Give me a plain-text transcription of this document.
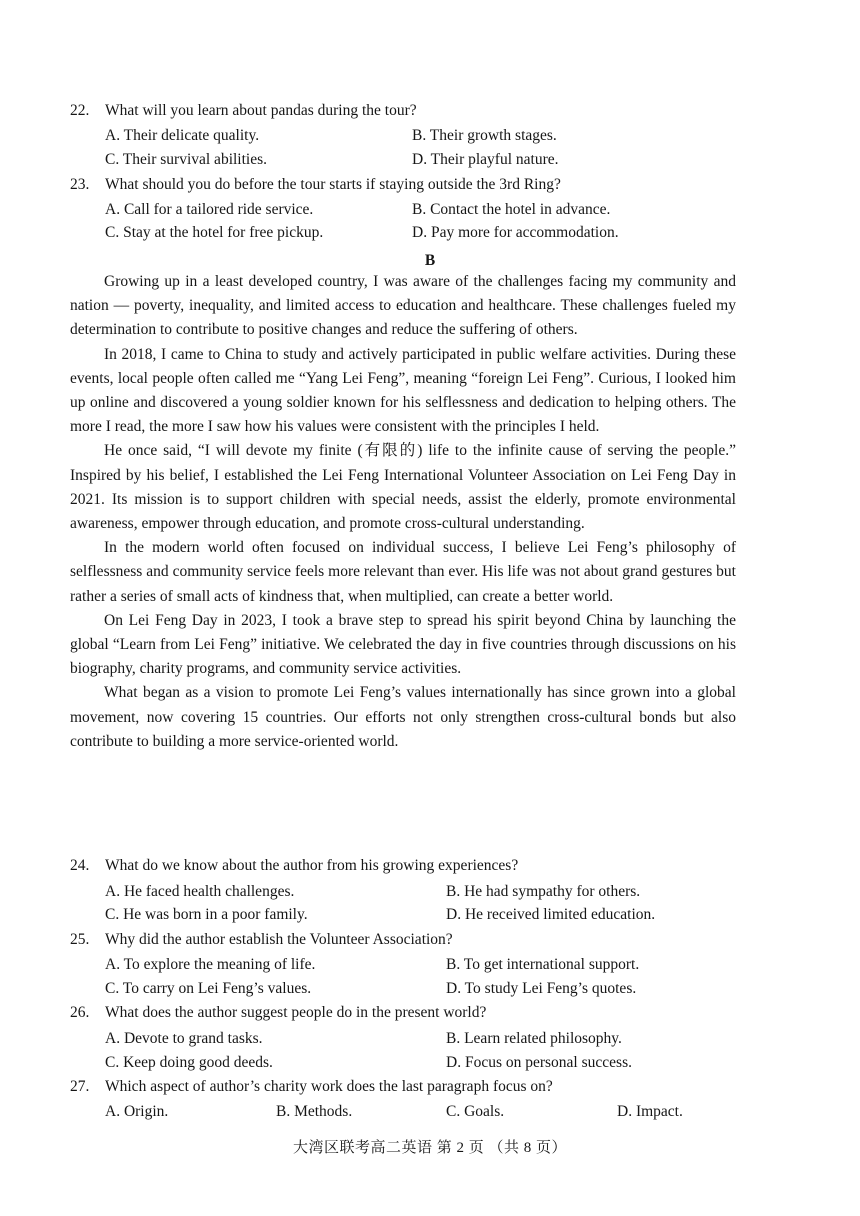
22. What will you learn about pandas during the tour?
A. Their delicate quality.	B. Their growth stages.
C. Their survival abilities.	D. Their playful nature.
23. What should you do before the tour starts if staying outside the 3rd Ring?
A. Call for a tailored ride service.	B. Contact the hotel in advance.
C. Stay at the hotel for free pickup.	D. Pay more for accommodation.
B

Growing up in a least developed country, I was aware of the challenges facing my community and nation — poverty, inequality, and limited access to education and healthcare. These challenges fueled my determination to contribute to positive changes and reduce the suffering of others.

In 2018, I came to China to study and actively participated in public welfare activities. During these events, local people often called me “Yang Lei Feng”, meaning “foreign Lei Feng”. Curious, I looked him up online and discovered a young soldier known for his selflessness and dedication to helping others. The more I read, the more I saw how his values were consistent with the principles I held.

He once said, “I will devote my finite (有限的) life to the infinite cause of serving the people.” Inspired by his belief, I established the Lei Feng International Volunteer Association on Lei Feng Day in 2021. Its mission is to support children with special needs, assist the elderly, promote environmental awareness, empower through education, and promote cross-cultural understanding.

In the modern world often focused on individual success, I believe Lei Feng’s philosophy of selflessness and community service feels more relevant than ever. His life was not about grand gestures but rather a series of small acts of kindness that, when multiplied, can create a better world.

On Lei Feng Day in 2023, I took a brave step to spread his spirit beyond China by launching the global “Learn from Lei Feng” initiative. We celebrated the day in five countries through discussions on his biography, charity programs, and community service activities.

What began as a vision to promote Lei Feng’s values internationally has since grown into a global movement, now covering 15 countries. Our efforts not only strengthen cross-cultural bonds but also contribute to building a more service-oriented world.

24. What do we know about the author from his growing experiences?
A. He faced health challenges.	B. He had sympathy for others.
C. He was born in a poor family.	D. He received limited education.
25. Why did the author establish the Volunteer Association?
A. To explore the meaning of life.	B. To get international support.
C. To carry on Lei Feng’s values.	D. To study Lei Feng’s quotes.
26. What does the author suggest people do in the present world?
A. Devote to grand tasks.	B. Learn related philosophy.
C. Keep doing good deeds.	D. Focus on personal success.
27. Which aspect of author’s charity work does the last paragraph focus on?
A. Origin.	B. Methods.	C. Goals.	D. Impact.
大湾区联考高二英语 第 2 页 （共 8 页）
